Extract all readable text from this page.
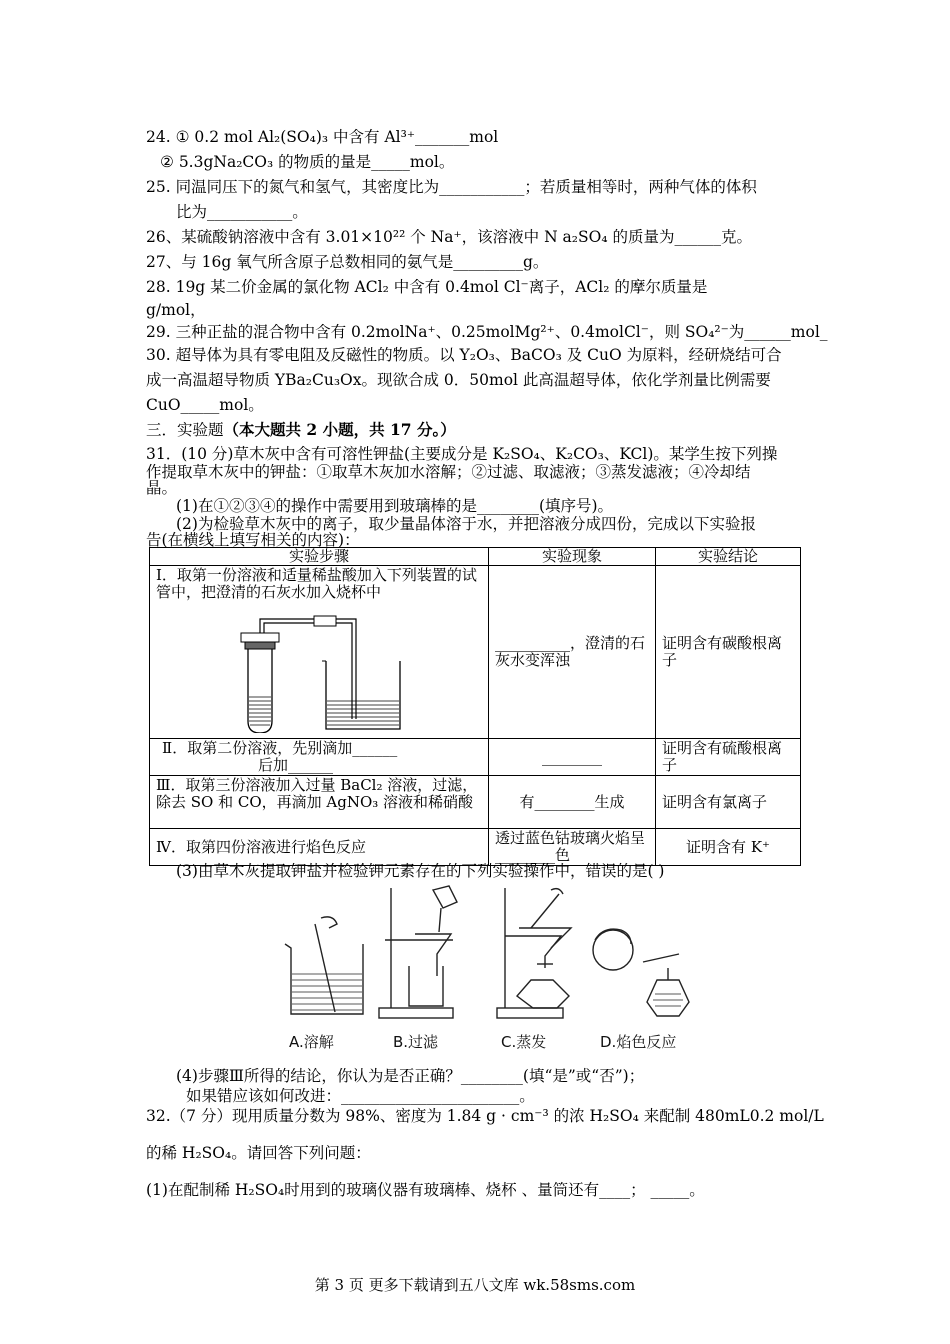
24. ① 0.2 mol Al₂(SO₄)₃ 中含有 Al³⁺_______mol
② 5.3gNa₂CO₃ 的物质的量是_____mol。
25. 同温同压下的氮气和氢气，其密度比为___________；若质量相等时，两种气体的体积
比为___________。
26、某硫酸钠溶液中含有 3.01×10²² 个 Na⁺，该溶液中 N a₂SO₄ 的质量为______克。
27、与 16g 氧气所含原子总数相同的氨气是_________g。
28. 19g 某二价金属的氯化物 ACl₂ 中含有 0.4mol Cl⁻离子，ACl₂ 的摩尔质量是
g/mol，
29. 三种正盐的混合物中含有 0.2molNa⁺、0.25molMg²⁺、0.4molCl⁻，则 SO₄²⁻为______mol_
30. 超导体为具有零电阻及反磁性的物质。以 Y₂O₃、BaCO₃ 及 CuO 为原料，经研烧结可合
成一高温超导物质 YBa₂Cu₃Ox。现欲合成 0．50mol 此高温超导体，依化学剂量比例需要
CuO_____mol。
三．实验题（本大题共 2 小题，共 17 分。）
31．(10 分)草木灰中含有可溶性钾盐(主要成分是 K₂SO₄、K₂CO₃、KCl)。某学生按下列操
作提取草木灰中的钾盐：①取草木灰加水溶解；②过滤、取滤液；③蒸发滤液；④冷却结
晶。
(1)在①②③④的操作中需要用到玻璃棒的是________(填序号)。
(2)为检验草木灰中的离子，取少量晶体溶于水，并把溶液分成四份，完成以下实验报
告(在横线上填写相关的内容)：
实验步骤	实验现象	实验结论

Ⅰ．取第一份溶液和适量稀盐酸加入下列装置的试管中，把澄清的石灰水加入烧杯中	__________，澄清的石灰水变浑浊	证明含有碳酸根离子

Ⅱ．取第二份溶液，先别滴加______
后加______	________	证明含有硫酸根离子
Ⅲ．取第三份溶液加入过量 BaCl₂ 溶液，过滤，除去 SO 和 CO，再滴加 AgNO₃ 溶液和稀硝酸	有________生成	证明含有氯离子
Ⅳ．取第四份溶液进行焰色反应	透过蓝色钴玻璃火焰呈________色	证明含有 K⁺
(3)由草木灰提取钾盐并检验钾元素存在的下列实验操作中，错误的是( )
A.溶解	B.过滤	C.蒸发	D.焰色反应
(4)步骤Ⅲ所得的结论，你认为是否正确？________(填“是”或“否”)；
如果错应该如何改进：_______________________。
32.（7 分）现用质量分数为 98%、密度为 1.84 g · cm⁻³ 的浓 H₂SO₄ 来配制 480mL0.2 mol/L
的稀 H₂SO₄。请回答下列问题：
(1)在配制稀 H₂SO₄时用到的玻璃仪器有玻璃棒、烧杯 、量筒还有____； _____。
第 3 页 更多下载请到五八文库 wk.58sms.com
